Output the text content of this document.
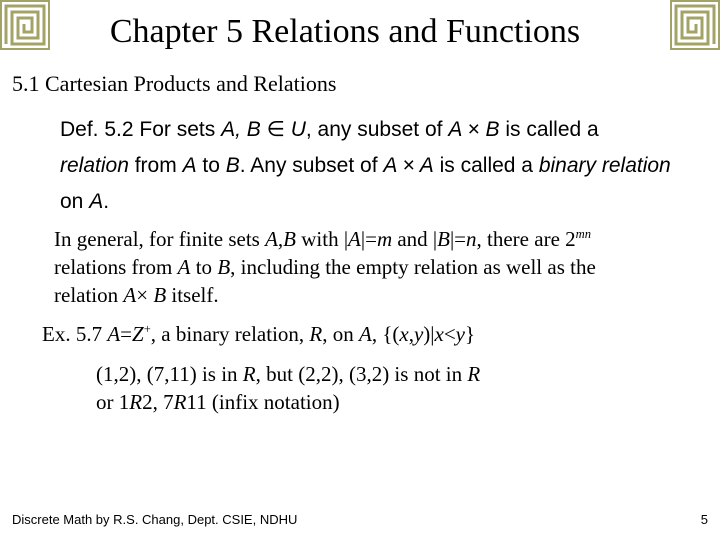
Chapter 5 Relations and Functions
5.1 Cartesian Products and Relations
Def. 5.2 For sets A, B ∈ U, any subset of A × B is called a
relation from A to B. Any subset of A × A is called a binary relation on A.
In general, for finite sets A,B with |A|=m and |B|=n, there are $2^{mn}$ relations from A to B, including the empty relation as well as the relation A× B itself.
Ex. 5.7 A=Z+, a binary relation, R, on A, {(x,y)|x<y}
(1,2), (7,11) is in R, but (2,2), (3,2) is not in R
or 1R2, 7R11 (infix notation)
Discrete Math by R.S. Chang, Dept. CSIE, NDHU	5
